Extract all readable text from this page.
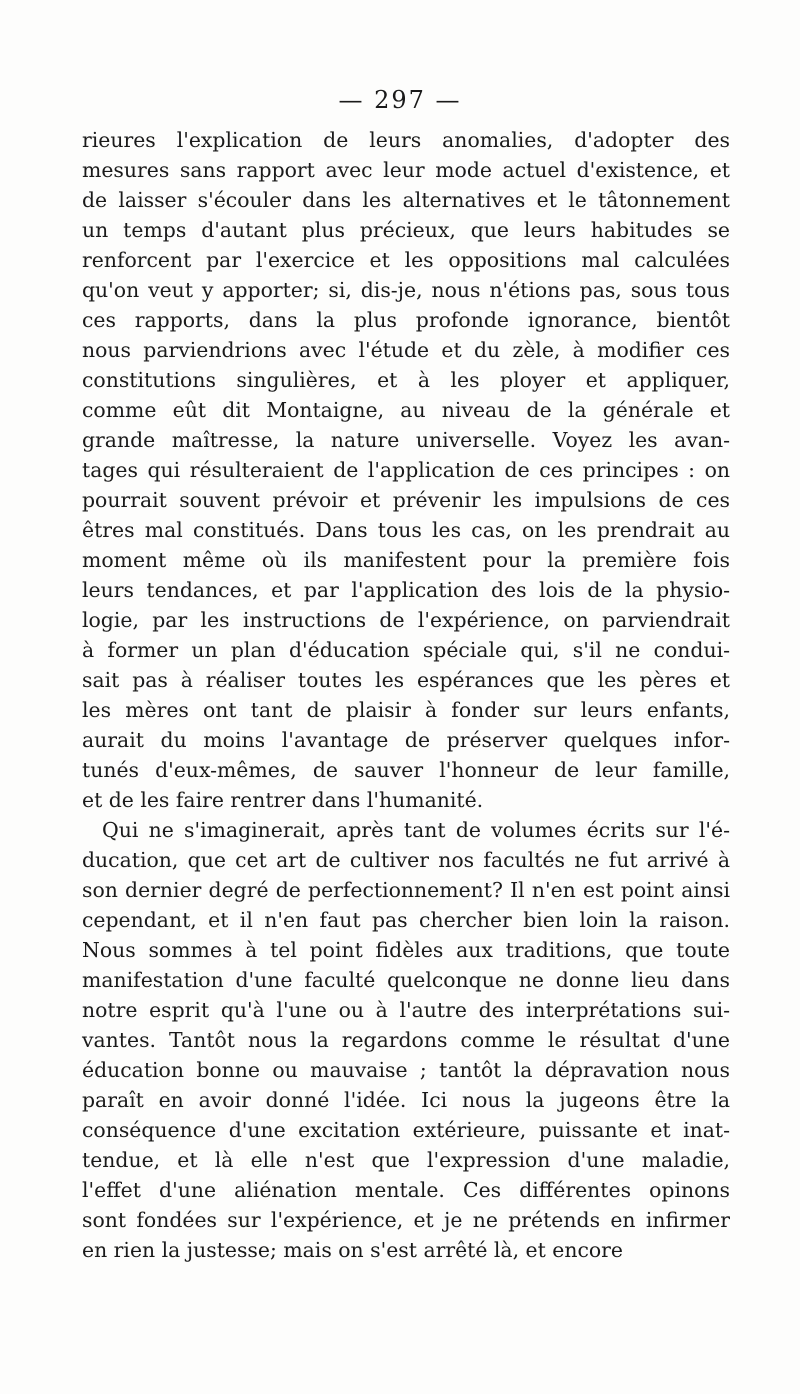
— 297 —

rieures l'explication de leurs anomalies, d'adopter des
mesures sans rapport avec leur mode actuel d'existence, et
de laisser s'écouler dans les alternatives et le tâtonnement
un temps d'autant plus précieux, que leurs habitudes se
renforcent par l'exercice et les oppositions mal calculées
qu'on veut y apporter; si, dis-je, nous n'étions pas, sous tous
ces rapports, dans la plus profonde ignorance, bientôt
nous parviendrions avec l'étude et du zèle, à modifier ces
constitutions singulières, et à les ployer et appliquer,
comme eût dit Montaigne, au niveau de la générale et
grande maîtresse, la nature universelle. Voyez les avan-
tages qui résulteraient de l'application de ces principes : on
pourrait souvent prévoir et prévenir les impulsions de ces
êtres mal constitués. Dans tous les cas, on les prendrait au
moment même où ils manifestent pour la première fois
leurs tendances, et par l'application des lois de la physio-
logie, par les instructions de l'expérience, on parviendrait
à former un plan d'éducation spéciale qui, s'il ne condui-
sait pas à réaliser toutes les espérances que les pères et
les mères ont tant de plaisir à fonder sur leurs enfants,
aurait du moins l'avantage de préserver quelques infor-
tunés d'eux-mêmes, de sauver l'honneur de leur famille,
et de les faire rentrer dans l'humanité.

Qui ne s'imaginerait, après tant de volumes écrits sur l'é-
ducation, que cet art de cultiver nos facultés ne fut arrivé à
son dernier degré de perfectionnement? Il n'en est point ainsi
cependant, et il n'en faut pas chercher bien loin la raison.
Nous sommes à tel point fidèles aux traditions, que toute
manifestation d'une faculté quelconque ne donne lieu dans
notre esprit qu'à l'une ou à l'autre des interprétations sui-
vantes. Tantôt nous la regardons comme le résultat d'une
éducation bonne ou mauvaise ; tantôt la dépravation nous
paraît en avoir donné l'idée. Ici nous la jugeons être la
conséquence d'une excitation extérieure, puissante et inat-
tendue, et là elle n'est que l'expression d'une maladie,
l'effet d'une aliénation mentale. Ces différentes opinons
sont fondées sur l'expérience, et je ne prétends en infirmer
en rien la justesse; mais on s'est arrêté là, et encore
